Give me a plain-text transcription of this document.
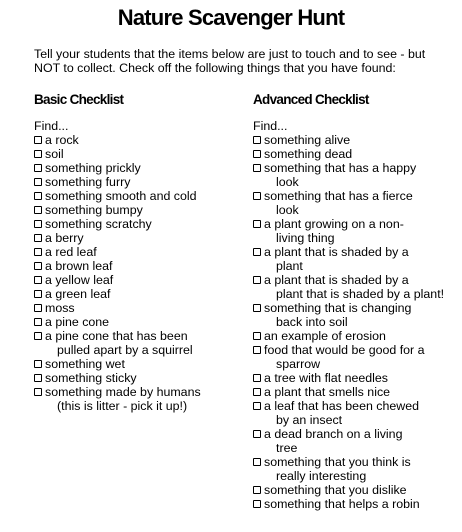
Nature Scavenger Hunt
Tell your students that the items below are just to touch and to see - but NOT to collect. Check off the following things that you have found:
Basic Checklist
Find...
a rock
soil
something prickly
something furry
something smooth and cold
something bumpy
something scratchy
a berry
a red leaf
a brown leaf
a yellow leaf
a green leaf
moss
a pine cone
a pine cone that has been
pulled apart by a squirrel
something wet
something sticky
something made by humans
(this is litter - pick it up!)
Advanced Checklist
Find...
something alive
something dead
something that has a happy
look
something that has a fierce
look
a plant growing on a non-
living thing
a plant that is shaded by a
plant
a plant that is shaded by a
plant that is shaded by a plant!
something that is changing
back into soil
an example of erosion
food that would be good for a
sparrow
a tree with flat needles
a plant that smells nice
a leaf that has been chewed
by an insect
a dead branch on a living
tree
something that you think is
really interesting
something that you dislike
something that helps a robin
